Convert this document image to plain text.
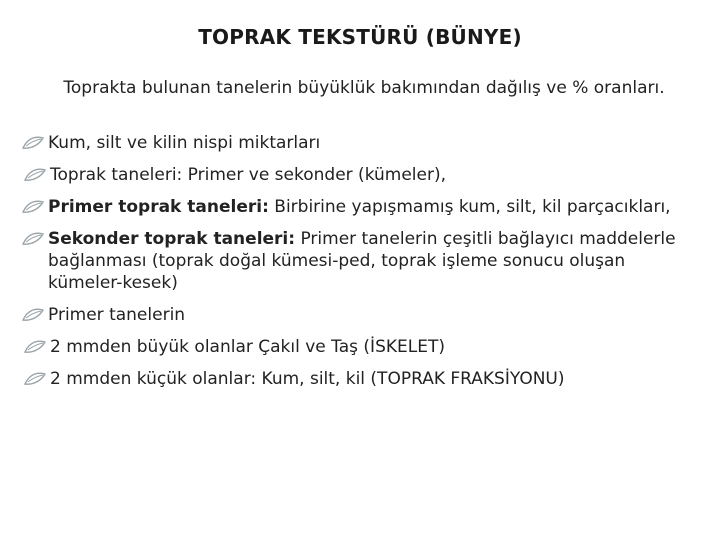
TOPRAK TEKSTÜRÜ (BÜNYE)
Toprakta bulunan tanelerin büyüklük bakımından dağılış ve % oranları.
Kum, silt ve kilin nispi miktarları
Toprak taneleri: Primer ve sekonder (kümeler),
Primer toprak taneleri: Birbirine yapışmamış kum, silt, kil parçacıkları,
Sekonder toprak taneleri: Primer tanelerin çeşitli bağlayıcı maddelerle bağlanması (toprak doğal kümesi-ped, toprak işleme sonucu oluşan kümeler-kesek)
Primer tanelerin
2 mmden büyük olanlar Çakıl ve Taş (İSKELET)
2 mmden küçük olanlar: Kum, silt, kil (TOPRAK FRAKSİYONU)
